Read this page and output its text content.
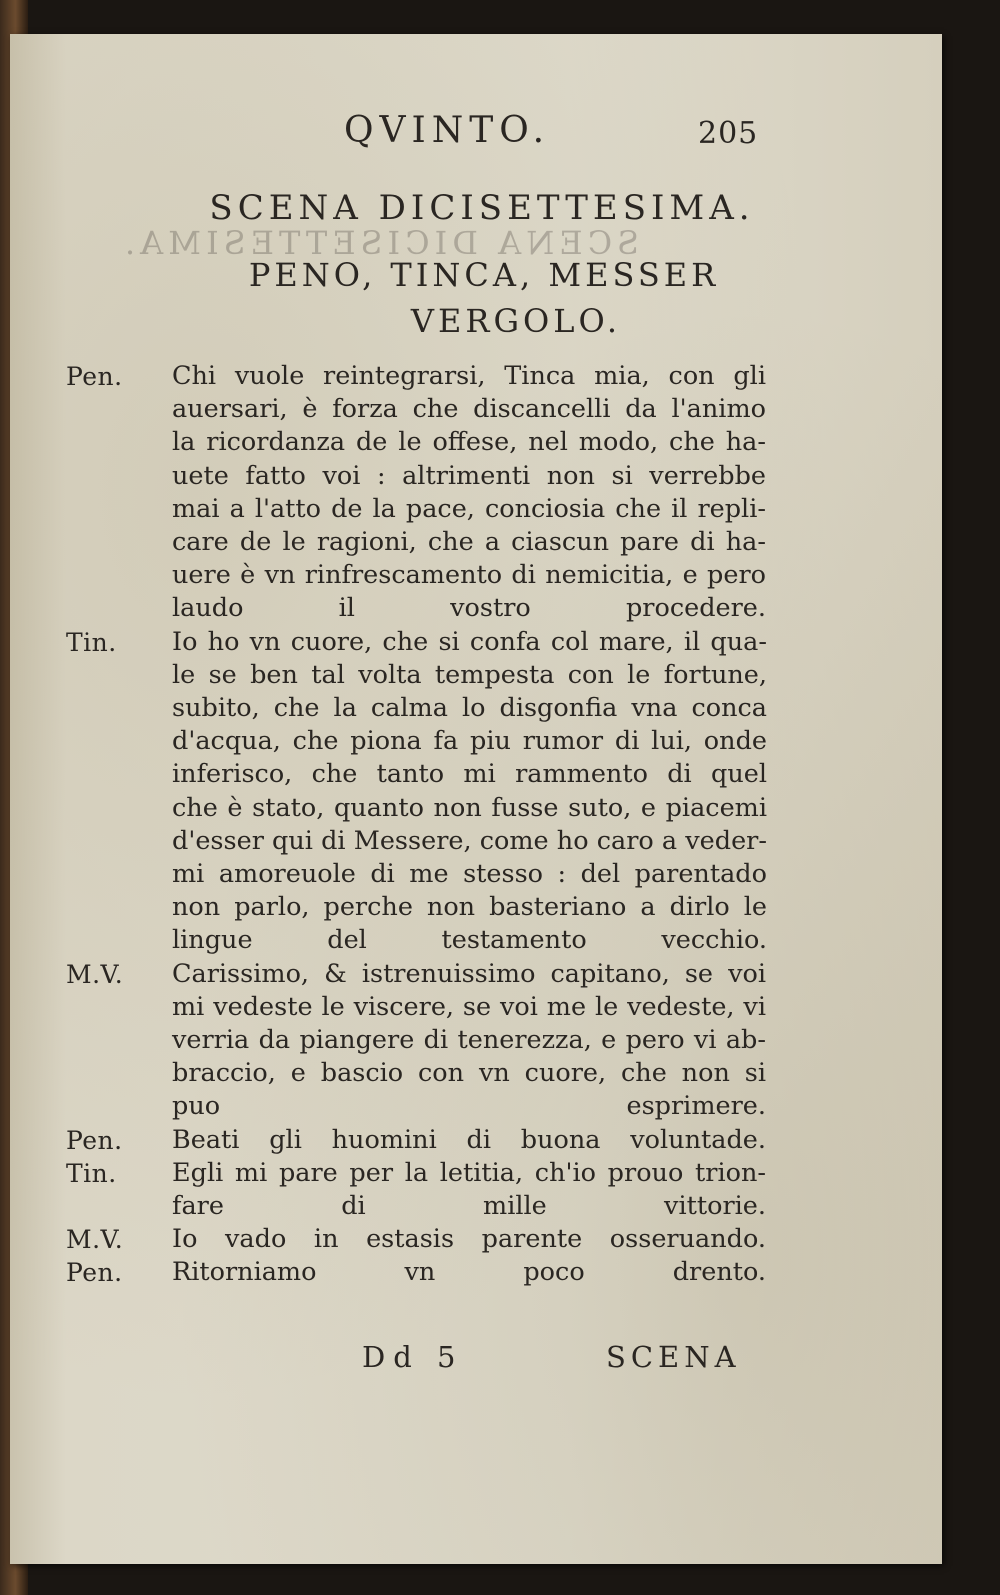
QVINTO.	205
SCENA DICISETTESIMA.
SCENA DICISETTESIMA.
PENO, TINCA, MESSER
VERGOLO.
Pen.	Chi vuole reintegrarsi, Tinca mia, con gli
auersari, è forza che discancelli da l'animo
la ricordanza de le offese, nel modo, che ha-
uete fatto voi : altrimenti non si verrebbe
mai a l'atto de la pace, conciosia che il repli-
care de le ragioni, che a ciascun pare di ha-
uere è vn rinfrescamento di nemicitia, e pero
laudo il vostro procedere.
Tin.	Io ho vn cuore, che si confa col mare, il qua-
le se ben tal volta tempesta con le fortune,
subito, che la calma lo disgonfia vna conca
d'acqua, che piona fa piu rumor di lui, onde
inferisco, che tanto mi rammento di quel
che è stato, quanto non fusse suto, e piacemi
d'esser qui di Messere, come ho caro a veder-
mi amoreuole di me stesso : del parentado
non parlo, perche non basteriano a dirlo le
lingue del testamento vecchio.
M.V.	Carissimo, & istrenuissimo capitano, se voi
mi vedeste le viscere, se voi me le vedeste, vi
verria da piangere di tenerezza, e pero vi ab-
braccio, e bascio con vn cuore, che non si
puo esprimere.
Pen.	Beati gli huomini di buona voluntade.
Tin.	Egli mi pare per la letitia, ch'io prouo trion-
fare di mille vittorie.
M.V.	Io vado in estasis parente osseruando.
Pen.	Ritorniamo vn poco drento.
Dd 5	SCENA
